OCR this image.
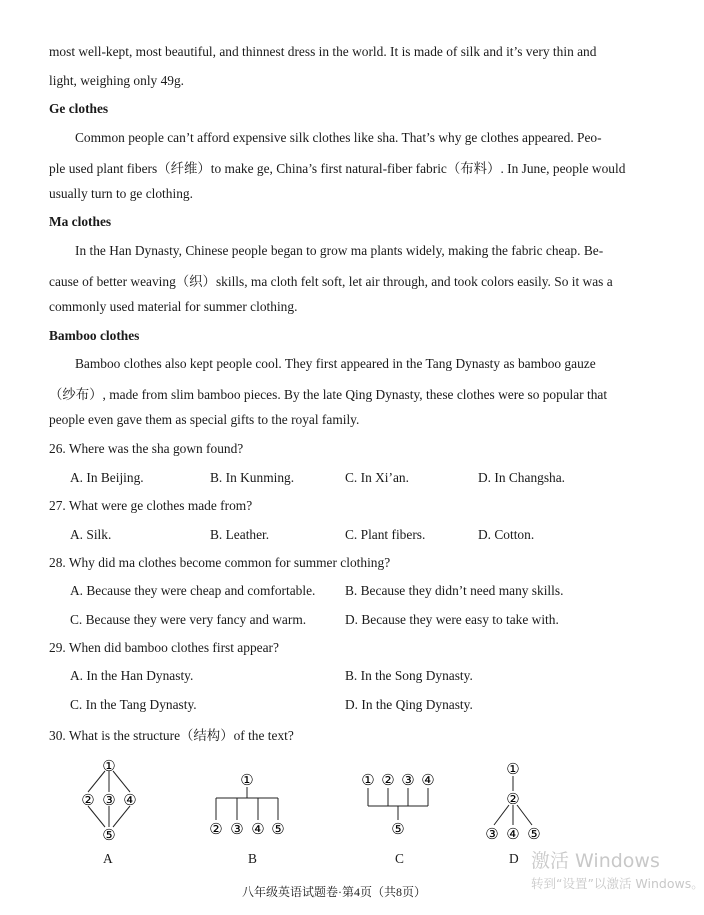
most well-kept, most beautiful, and thinnest dress in the world. It is made of silk and it’s very thin and
light, weighing only 49g.
Ge clothes
Common people can’t afford expensive silk clothes like sha. That’s why ge clothes appeared. Peo-
ple used plant fibers（纤维）to make ge, China’s first natural-fiber fabric（布料）. In June, people would
usually turn to ge clothing.
Ma clothes
In the Han Dynasty, Chinese people began to grow ma plants widely, making the fabric cheap. Be-
cause of better weaving（织）skills, ma cloth felt soft, let air through, and took colors easily. So it was a
commonly used material for summer clothing.
Bamboo clothes
Bamboo clothes also kept people cool. They first appeared in the Tang Dynasty as bamboo gauze
（纱布）, made from slim bamboo pieces. By the late Qing Dynasty, these clothes were so popular that
people even gave them as special gifts to the royal family.
26. Where was the sha gown found?
A. In Beijing.	B. In Kunming.	C. In Xi’an.	D. In Changsha.
27. What were ge clothes made from?
A. Silk.	B. Leather.	C. Plant fibers.	D. Cotton.
28. Why did ma clothes become common for summer clothing?
A. Because they were cheap and comfortable. B. Because they didn’t need many skills.
C. Because they were very fancy and warm.	D. Because they were easy to take with.
29. When did bamboo clothes first appear?
A. In the Han Dynasty.	B. In the Song Dynasty.
C. In the Tang Dynasty.	D. In the Qing Dynasty.
30. What is the structure（结构）of the text?
①
② ③ ④
⑤
A
①
② ③ ④ ⑤
B
① ② ③ ④
⑤
C
①
②
③ ④ ⑤
D
八年级英语试题卷·第4页（共8页）
激活 Windows
转到“设置”以激活 Windows。
